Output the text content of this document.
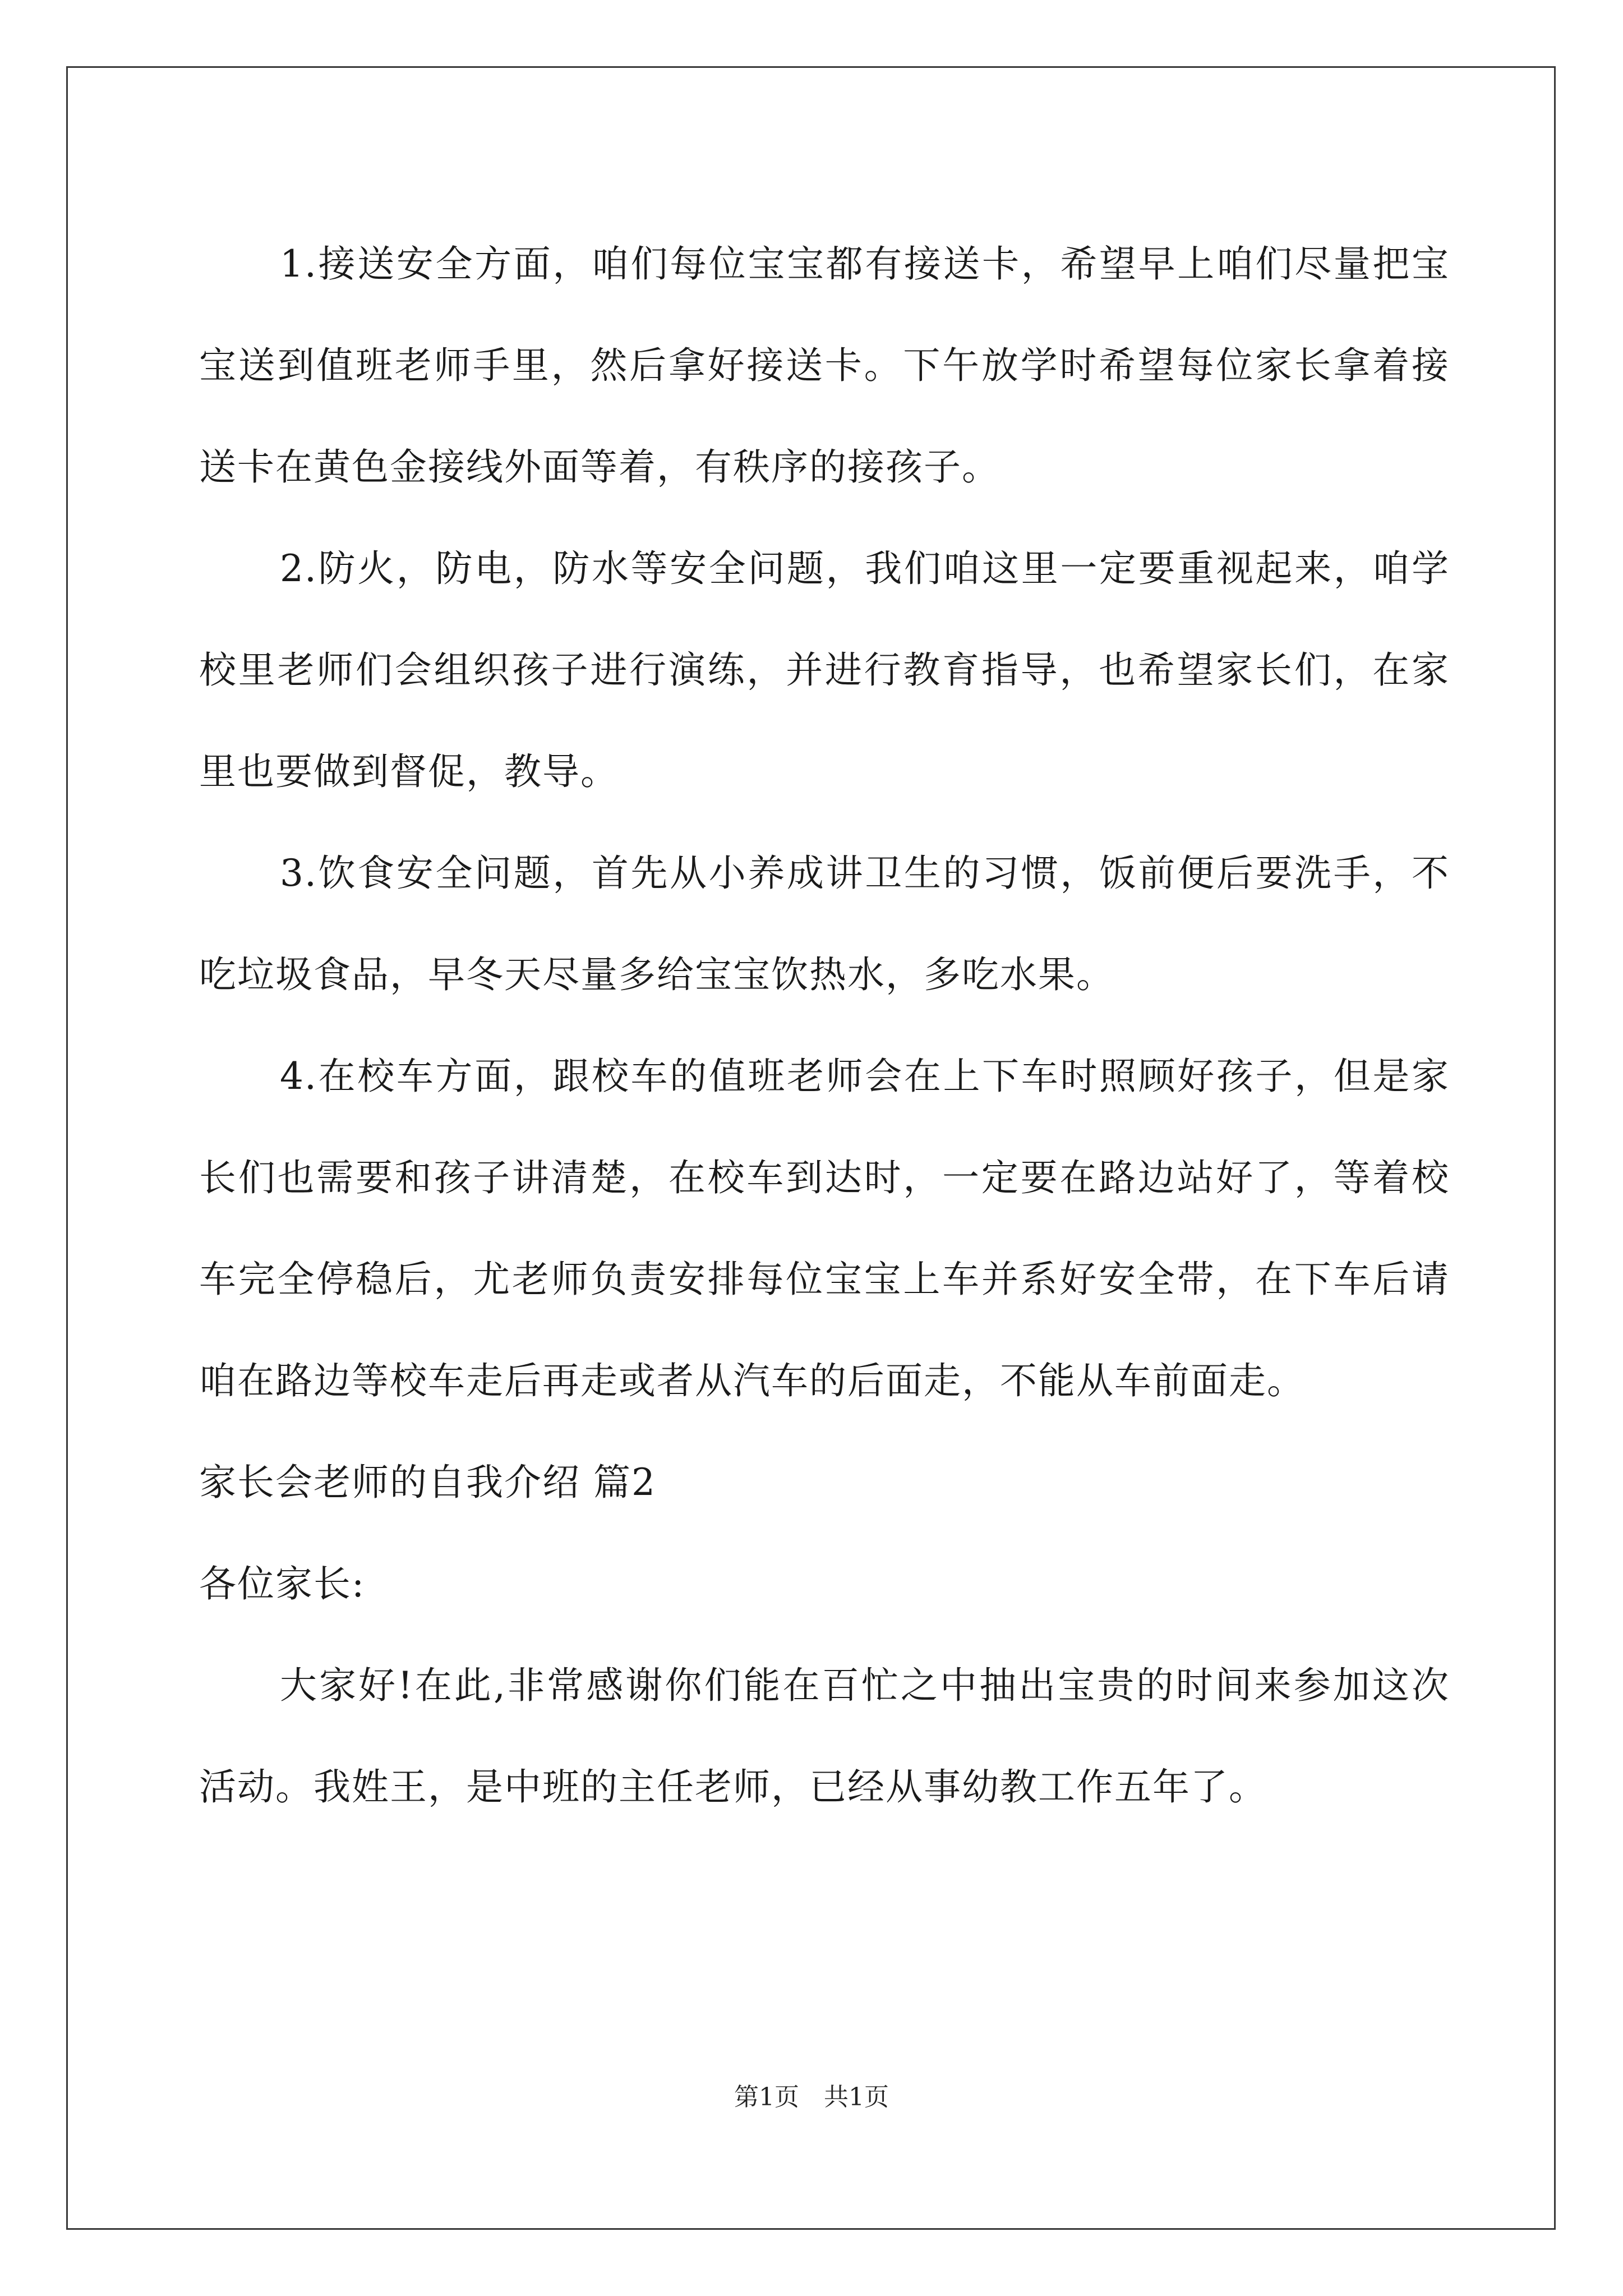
1.接送安全方面，咱们每位宝宝都有接送卡，希望早上咱们尽量把宝宝送到值班老师手里，然后拿好接送卡。下午放学时希望每位家长拿着接送卡在黄色金接线外面等着，有秩序的接孩子。

2.防火，防电，防水等安全问题，我们咱这里一定要重视起来，咱学校里老师们会组织孩子进行演练，并进行教育指导，也希望家长们，在家里也要做到督促，教导。

3.饮食安全问题，首先从小养成讲卫生的习惯，饭前便后要洗手，不吃垃圾食品，早冬天尽量多给宝宝饮热水，多吃水果。

4.在校车方面，跟校车的值班老师会在上下车时照顾好孩子，但是家长们也需要和孩子讲清楚，在校车到达时，一定要在路边站好了，等着校车完全停稳后，尤老师负责安排每位宝宝上车并系好安全带，在下车后请咱在路边等校车走后再走或者从汽车的后面走，不能从车前面走。

家长会老师的自我介绍 篇2

各位家长:

大家好!在此,非常感谢你们能在百忙之中抽出宝贵的时间来参加这次活动。我姓王，是中班的主任老师，已经从事幼教工作五年了。

第1页　共1页
